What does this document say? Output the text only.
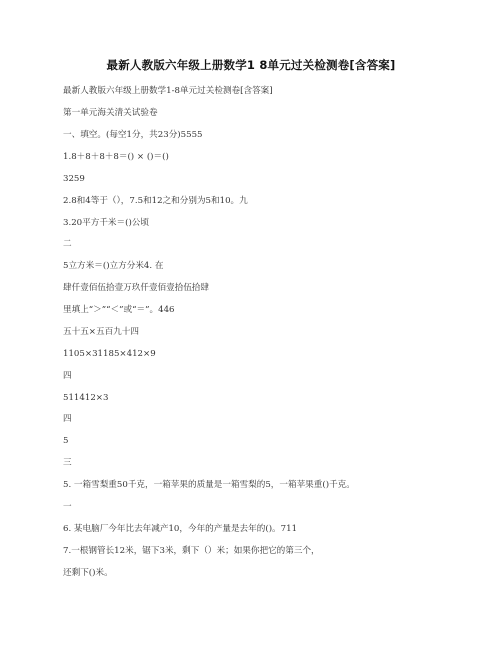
最新人教版六年级上册数学1 8单元过关检测卷[含答案]
最新人教版六年级上册数学1-8单元过关检测卷[含答案]
第一单元海关清关试验卷
一、填空。(每空1分，共23分)5555
1.8＋8＋8＋8＝() × ()＝()
3259
2.8和4等于（），7.5和12之和分别为5和10。九
3.20平方千米＝()公顷
二
5立方米＝()立方分米4. 在
肆仟壹佰伍拾壹万玖仟壹佰壹拾伍拾肆
里填上“＞”“＜”或“＝”。446
五十五×五百九十四
1105×31185×412×9
四
511412×3
四
5
三
5. 一箱雪梨重50千克，一箱苹果的质量是一箱雪梨的5，一箱苹果重()千克。
一
6. 某电脑厂今年比去年减产10，今年的产量是去年的()。711
7.一根钢管长12米，锯下3米，剩下（）米；如果你把它的第三个，
还剩下()米。
